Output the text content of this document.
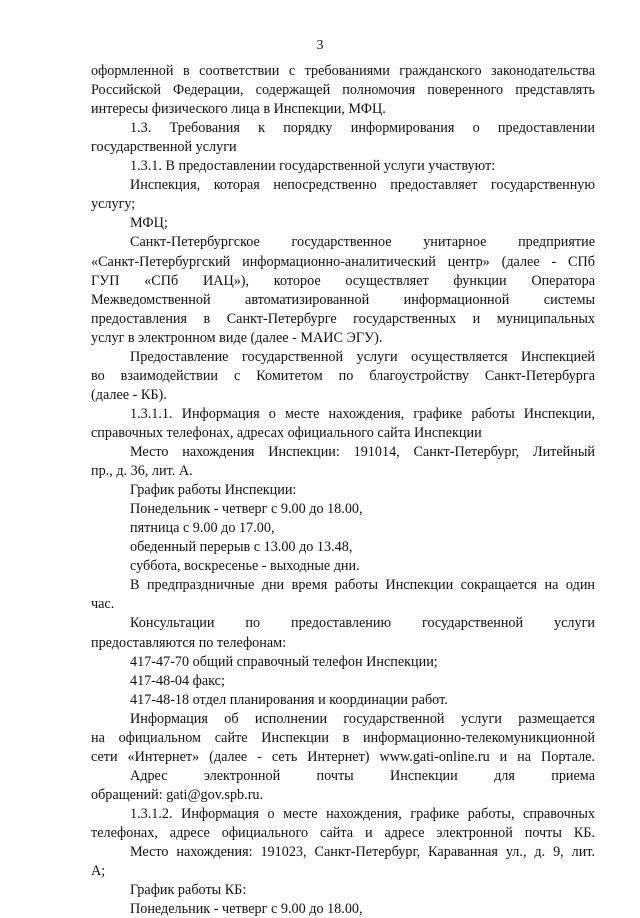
3
оформленной в соответствии с требованиями гражданского законодательства
Российской Федерации, содержащей полномочия поверенного представлять
интересы физического лица в Инспекции, МФЦ.
1.3. Требования к порядку информирования о предоставлении
государственной услуги
1.3.1. В предоставлении государственной услуги участвуют:
Инспекция, которая непосредственно предоставляет государственную
услугу;
МФЦ;
Санкт-Петербургское государственное унитарное предприятие
«Санкт-Петербургский информационно-аналитический центр» (далее - СПб
ГУП «СПб ИАЦ»), которое осуществляет функции Оператора
Межведомственной автоматизированной информационной системы
предоставления в Санкт-Петербурге государственных и муниципальных
услуг в электронном виде (далее - МАИС ЭГУ).
Предоставление государственной услуги осуществляется Инспекцией
во взаимодействии с Комитетом по благоустройству Санкт-Петербурга
(далее - КБ).
1.3.1.1. Информация о месте нахождения, графике работы Инспекции,
справочных телефонах, адресах официального сайта Инспекции
Место нахождения Инспекции: 191014, Санкт-Петербург, Литейный
пр., д. 36, лит. А.
График работы Инспекции:
Понедельник - четверг с 9.00 до 18.00,
пятница с 9.00 до 17.00,
обеденный перерыв с 13.00 до 13.48,
суббота, воскресенье - выходные дни.
В предпраздничные дни время работы Инспекции сокращается на один
час.
Консультации по предоставлению государственной услуги
предоставляются по телефонам:
417-47-70 общий справочный телефон Инспекции;
417-48-04 факс;
417-48-18 отдел планирования и координации работ.
Информация об исполнении государственной услуги размещается
на официальном сайте Инспекции в информационно-телекомуникционной
сети «Интернет» (далее - сеть Интернет) www.gati-online.ru и на Портале.
Адрес электронной почты Инспекции для приема
обращений: gati@gov.spb.ru.
1.3.1.2. Информация о месте нахождения, графике работы, справочных
телефонах, адресе официального сайта и адресе электронной почты КБ.
Место нахождения: 191023, Санкт-Петербург, Караванная ул., д. 9, лит.
А;
График работы КБ:
Понедельник - четверг с 9.00 до 18.00,
